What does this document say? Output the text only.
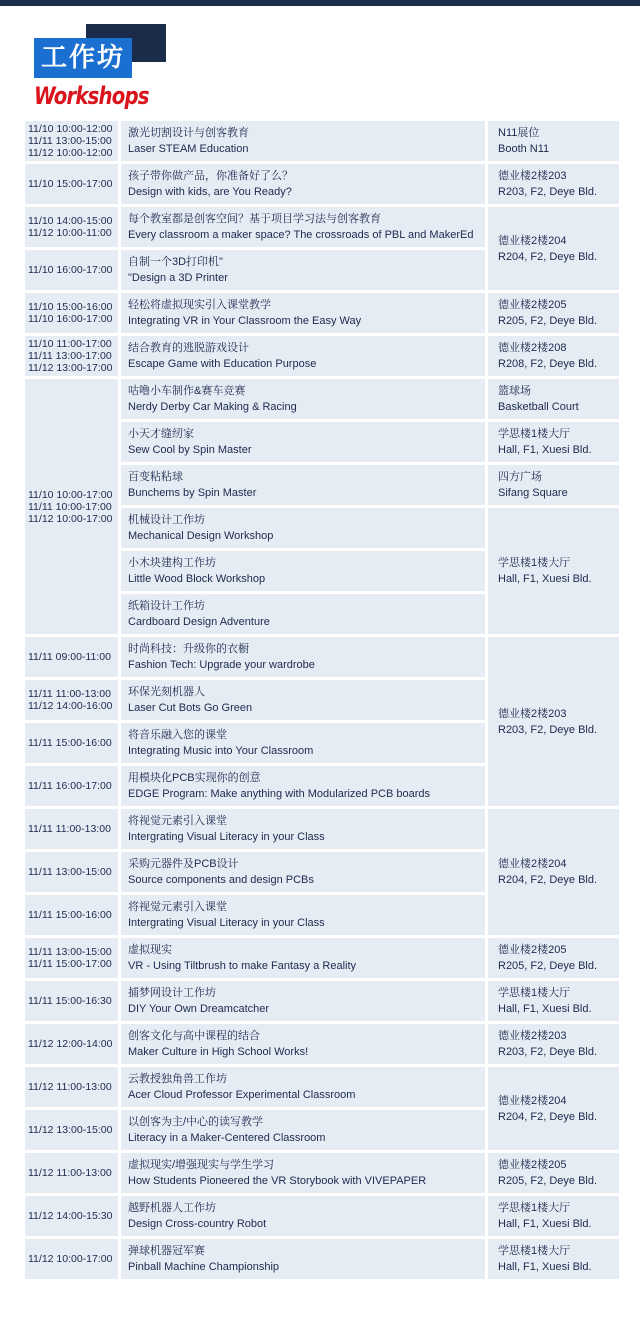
工作坊
Workshops
11/10 10:00-12:00
11/11 13:00-15:00
11/12 10:00-12:00	激光切割设计与创客教育
Laser STEAM Education	N11展位
Booth N11

11/10 15:00-17:00	孩子带你做产品，你准备好了么？
Design with kids, are You Ready?	德业楼2楼203
R203, F2, Deye Bld.

11/10 14:00-15:00
11/12 10:00-11:00	每个教室都是创客空间？基于项目学习法与创客教育
Every classroom a maker space? The crossroads of PBL and MakerEd	德业楼2楼204
R204, F2, Deye Bld.

11/10 16:00-17:00	自制一个3D打印机"
"Design a 3D Printer	

11/10 15:00-16:00
11/10 16:00-17:00	轻松将虚拟现实引入课堂教学
Integrating VR in Your Classroom the Easy Way	德业楼2楼205
R205, F2, Deye Bld.

11/10 11:00-17:00
11/11 13:00-17:00
11/12 13:00-17:00	结合教育的逃脱游戏设计
Escape Game with Education Purpose	德业楼2楼208
R208, F2, Deye Bld.

11/10 10:00-17:00
11/11 10:00-17:00
11/12 10:00-17:00	咕噜小车制作&赛车竞赛
Nerdy Derby Car Making & Racing	篮球场
Basketball Court

	小天才缝纫家
Sew Cool by Spin Master	学思楼1楼大厅
Hall, F1, Xuesi Bld.

	百变粘粘球
Bunchems by Spin Master	四方广场
Sifang Square

	机械设计工作坊
Mechanical Design Workshop	学思楼1楼大厅
Hall, F1, Xuesi Bld.

	小木块建构工作坊
Little Wood Block Workshop	

	纸箱设计工作坊
Cardboard Design Adventure	

11/11 09:00-11:00	时尚科技：升级你的衣橱
Fashion Tech: Upgrade your wardrobe	德业楼2楼203
R203, F2, Deye Bld.

11/11 11:00-13:00
11/12 14:00-16:00	环保光刻机器人
Laser Cut Bots Go Green	

11/11 15:00-16:00	将音乐融入您的课堂
Integrating Music into Your Classroom	

11/11 16:00-17:00	用模块化PCB实现你的创意
EDGE Program: Make anything with Modularized PCB boards	

11/11 11:00-13:00	将视觉元素引入课堂
Intergrating Visual Literacy in your Class	德业楼2楼204
R204, F2, Deye Bld.

11/11 13:00-15:00	采购元器件及PCB设计
Source components and design PCBs	

11/11 15:00-16:00	将视觉元素引入课堂
Intergrating Visual Literacy in your Class	

11/11 13:00-15:00
11/11 15:00-17:00	虚拟现实
VR - Using Tiltbrush to make Fantasy a Reality	德业楼2楼205
R205, F2, Deye Bld.

11/11 15:00-16:30	捕梦网设计工作坊
DIY Your Own Dreamcatcher	学思楼1楼大厅
Hall, F1, Xuesi Bld.

11/12 12:00-14:00	创客文化与高中课程的结合
Maker Culture in High School Works!	德业楼2楼203
R203, F2, Deye Bld.

11/12 11:00-13:00	云教授独角兽工作坊
Acer Cloud Professor Experimental Classroom	德业楼2楼204
R204, F2, Deye Bld.

11/12 13:00-15:00	以创客为主/中心的读写教学
Literacy in a Maker-Centered Classroom	

11/12 11:00-13:00	虚拟现实/增强现实与学生学习
How Students Pioneered the VR Storybook with VIVEPAPER	德业楼2楼205
R205, F2, Deye Bld.

11/12 14:00-15:30	越野机器人工作坊
Design Cross-country Robot	学思楼1楼大厅
Hall, F1, Xuesi Bld.

11/12 10:00-17:00	弹球机器冠军赛
Pinball Machine Championship	学思楼1楼大厅
Hall, F1, Xuesi Bld.
